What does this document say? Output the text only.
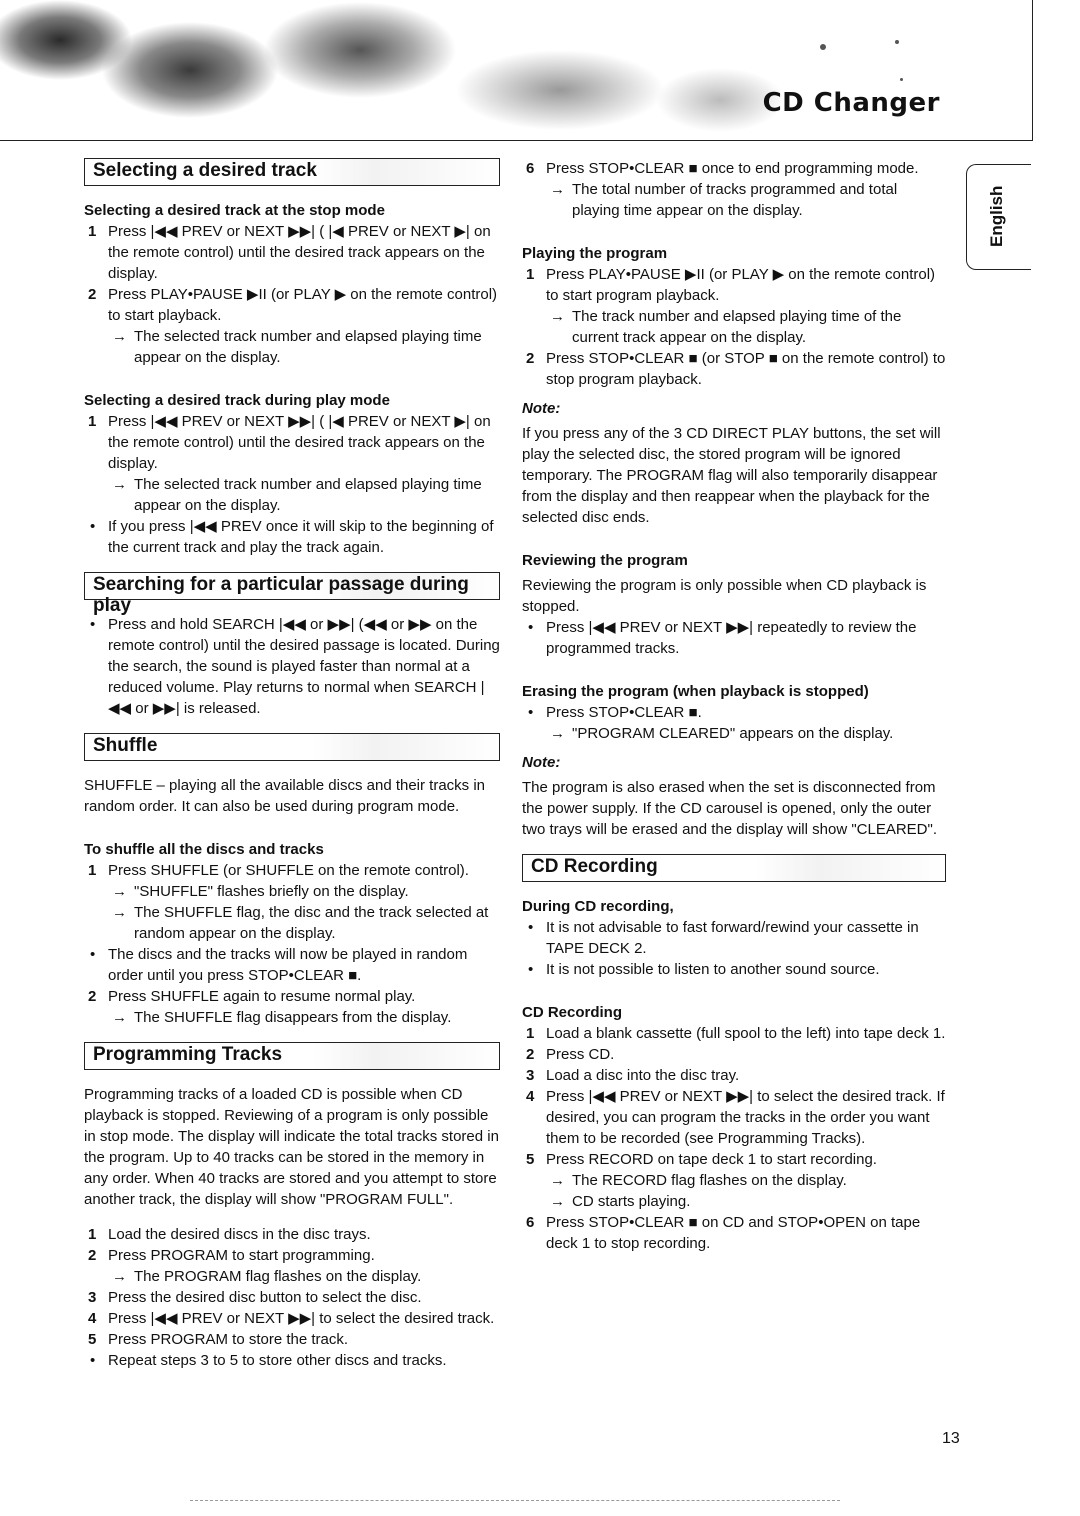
CD Changer
English
Selecting a desired track
Selecting a desired track at the stop mode
1 Press |◀◀ PREV or NEXT ▶▶| ( |◀ PREV or NEXT ▶| on the remote control) until the desired track appears on the display.
2 Press PLAY•PAUSE ▶II (or PLAY ▶ on the remote control) to start playback.
→ The selected track number and elapsed playing time appear on the display.
Selecting a desired track during play mode
1 Press |◀◀ PREV or NEXT ▶▶| ( |◀ PREV or NEXT ▶| on the remote control) until the desired track appears on the display.
→ The selected track number and elapsed playing time appear on the display.
• If you press |◀◀ PREV once it will skip to the beginning of the current track and play the track again.
Searching for a particular passage during play
• Press and hold SEARCH |◀◀ or ▶▶| (◀◀ or ▶▶ on the remote control) until the desired passage is located. During the search, the sound is played faster than normal at a reduced volume. Play returns to normal when SEARCH |◀◀ or ▶▶| is released.
Shuffle
SHUFFLE – playing all the available discs and their tracks in random order. It can also be used during program mode.
To shuffle all the discs and tracks
1 Press SHUFFLE (or SHUFFLE on the remote control).
→ "SHUFFLE" flashes briefly on the display.
→ The SHUFFLE flag, the disc and the track selected at random appear on the display.
• The discs and the tracks will now be played in random order until you press STOP•CLEAR ■.
2 Press SHUFFLE again to resume normal play.
→ The SHUFFLE flag disappears from the display.
Programming Tracks
Programming tracks of a loaded CD is possible when CD playback is stopped. Reviewing of a program is only possible in stop mode. The display will indicate the total tracks stored in the program. Up to 40 tracks can be stored in the memory in any order. When 40 tracks are stored and you attempt to store another track, the display will show "PROGRAM FULL".
1 Load the desired discs in the disc trays.
2 Press PROGRAM to start programming.
→ The PROGRAM flag flashes on the display.
3 Press the desired disc button to select the disc.
4 Press |◀◀ PREV or NEXT ▶▶| to select the desired track.
5 Press PROGRAM to store the track.
• Repeat steps 3 to 5 to store other discs and tracks.
6 Press STOP•CLEAR ■ once to end programming mode.
→ The total number of tracks programmed and total playing time appear on the display.
Playing the program
1 Press PLAY•PAUSE ▶II (or PLAY ▶ on the remote control) to start program playback.
→ The track number and elapsed playing time of the current track appear on the display.
2 Press STOP•CLEAR ■ (or STOP ■ on the remote control) to stop program playback.
Note:
If you press any of the 3 CD DIRECT PLAY buttons, the set will play the selected disc, the stored program will be ignored temporary. The PROGRAM flag will also temporarily disappear from the display and then reappear when the playback for the selected disc ends.
Reviewing the program
Reviewing the program is only possible when CD playback is stopped.
• Press |◀◀ PREV or NEXT ▶▶| repeatedly to review the programmed tracks.
Erasing the program (when playback is stopped)
• Press STOP•CLEAR ■.
→ "PROGRAM CLEARED" appears on the display.
Note:
The program is also erased when the set is disconnected from the power supply. If the CD carousel is opened, only the outer two trays will be erased and the display will show "CLEARED".
CD Recording
During CD recording,
• It is not advisable to fast forward/rewind your cassette in TAPE DECK 2.
• It is not possible to listen to another sound source.
CD Recording
1 Load a blank cassette (full spool to the left) into tape deck 1.
2 Press CD.
3 Load a disc into the disc tray.
4 Press |◀◀ PREV or NEXT ▶▶| to select the desired track. If desired, you can program the tracks in the order you want them to be recorded (see Programming Tracks).
5 Press RECORD on tape deck 1 to start recording.
→ The RECORD flag flashes on the display.
→ CD starts playing.
6 Press STOP•CLEAR ■ on CD and STOP•OPEN on tape deck 1 to stop recording.
13
